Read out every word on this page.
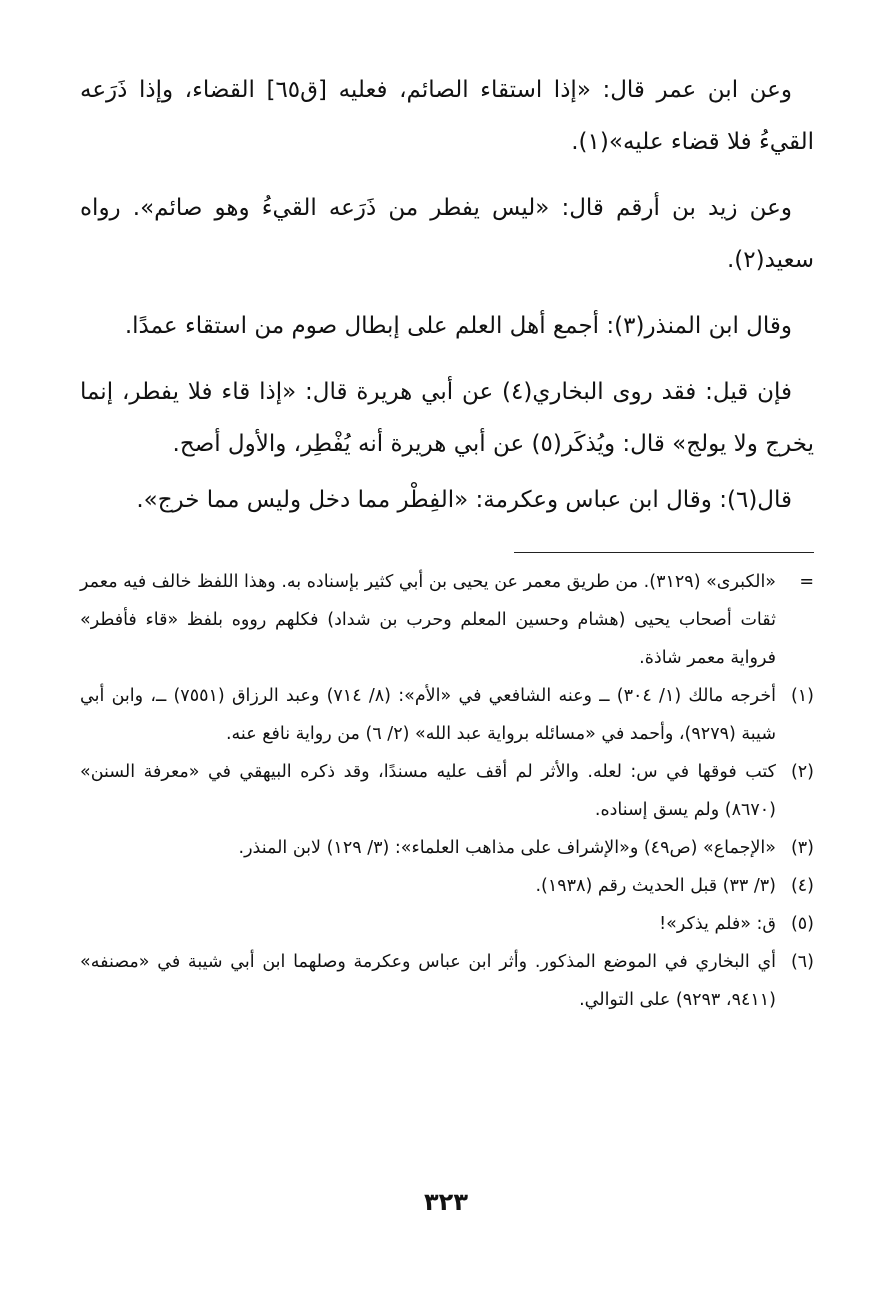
وعن ابن عمر قال: «إذا استقاء الصائم، فعليه [ق٦٥] القضاء، وإذا ذَرَعه القيءُ فلا قضاء عليه»(١).

وعن زيد بن أرقم قال: «ليس يفطر من ذَرَعه القيءُ وهو صائم». رواه سعيد(٢).

وقال ابن المنذر(٣): أجمع أهل العلم على إبطال صوم من استقاء عمدًا.

فإن قيل: فقد روى البخاري(٤) عن أبي هريرة قال: «إذا قاء فلا يفطر، إنما يخرج ولا يولج» قال: ويُذكَر(٥) عن أبي هريرة أنه يُفْطِر، والأول أصح.

قال(٦): وقال ابن عباس وعكرمة: «الفِطْر مما دخل وليس مما خرج».

=
«الكبرى» (٣١٢٩). من طريق معمر عن يحيى بن أبي كثير بإسناده به. وهذا اللفظ خالف فيه معمر ثقات أصحاب يحيى (هشام وحسين المعلم وحرب بن شداد) فكلهم رووه بلفظ «قاء فأفطر» فرواية معمر شاذة.
(١)
أخرجه مالك (١/ ٣٠٤) ــ وعنه الشافعي في «الأم»: (٨/ ٧١٤) وعبد الرزاق (٧٥٥١) ــ، وابن أبي شيبة (٩٢٧٩)، وأحمد في «مسائله برواية عبد الله» (٢/ ٦) من رواية نافع عنه.
(٢)
كتب فوقها في س: لعله. والأثر لم أقف عليه مسندًا، وقد ذكره البيهقي في «معرفة السنن» (٨٦٧٠) ولم يسق إسناده.
(٣)
«الإجماع» (ص٤٩) و«الإشراف على مذاهب العلماء»: (٣/ ١٢٩) لابن المنذر.
(٤)
(٣/ ٣٣) قبل الحديث رقم (١٩٣٨).
(٥)
ق: «فلم يذكر»!
(٦)
أي البخاري في الموضع المذكور. وأثر ابن عباس وعكرمة وصلهما ابن أبي شيبة في «مصنفه» (٩٤١١، ٩٢٩٣) على التوالي.
٣٢٣
